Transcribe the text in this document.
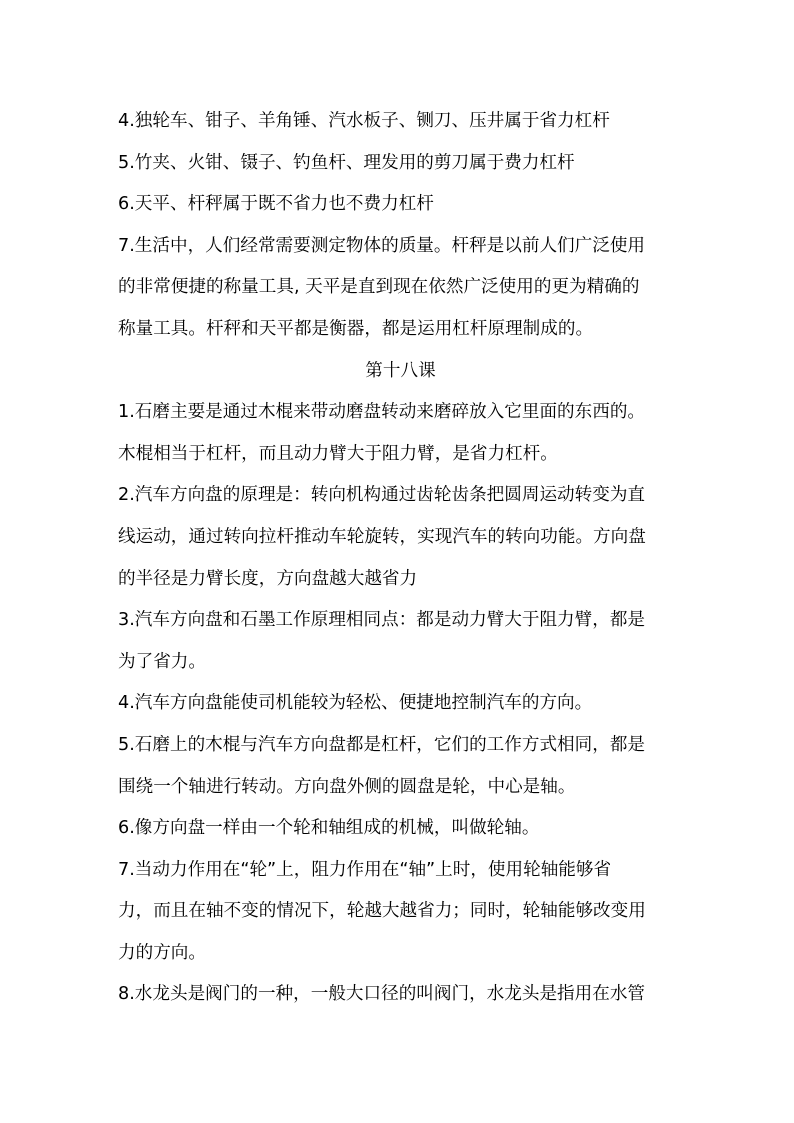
4.独轮车、钳子、羊角锤、汽水板子、铡刀、压井属于省力杠杆
5.竹夹、火钳、镊子、钓鱼杆、理发用的剪刀属于费力杠杆
6.天平、杆秤属于既不省力也不费力杠杆
7.生活中，人们经常需要测定物体的质量。杆秤是以前人们广泛使用
的非常便捷的称量工具, 天平是直到现在依然广泛使用的更为精确的
称量工具。杆秤和天平都是衡器，都是运用杠杆原理制成的。
第十八课
1.石磨主要是通过木棍来带动磨盘转动来磨碎放入它里面的东西的。
木棍相当于杠杆，而且动力臂大于阻力臂，是省力杠杆。
2.汽车方向盘的原理是：转向机构通过齿轮齿条把圆周运动转变为直
线运动，通过转向拉杆推动车轮旋转，实现汽车的转向功能。方向盘
的半径是力臂长度，方向盘越大越省力
3.汽车方向盘和石墨工作原理相同点：都是动力臂大于阻力臂，都是
为了省力。
4.汽车方向盘能使司机能较为轻松、便捷地控制汽车的方向。
5.石磨上的木棍与汽车方向盘都是杠杆，它们的工作方式相同，都是
围绕一个轴进行转动。方向盘外侧的圆盘是轮，中心是轴。
6.像方向盘一样由一个轮和轴组成的机械，叫做轮轴。
7.当动力作用在“轮”上，阻力作用在“轴”上时，使用轮轴能够省
力，而且在轴不变的情况下，轮越大越省力；同时，轮轴能够改变用
力的方向。
8.水龙头是阀门的一种，一般大口径的叫阀门，水龙头是指用在水管
